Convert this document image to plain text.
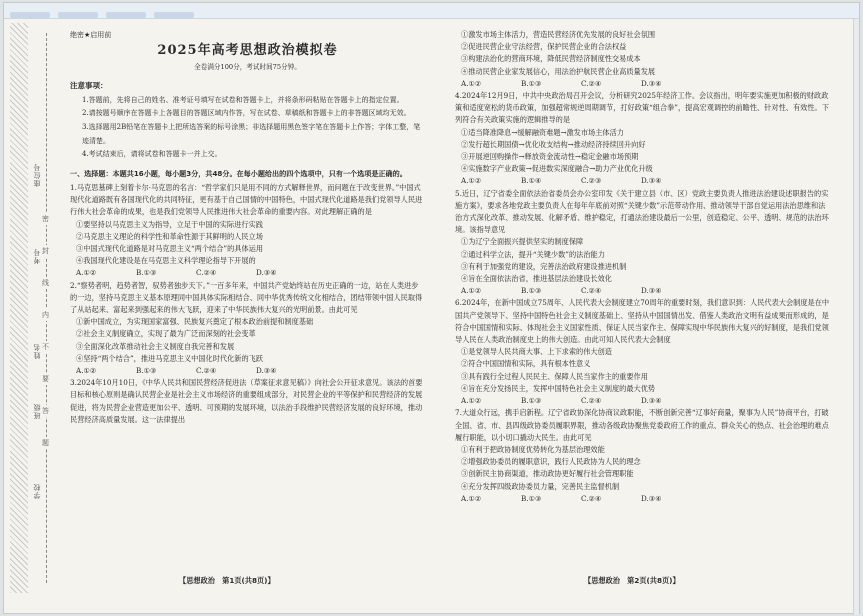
座位号
考号
姓名
班级
学校
密
封
线
内
不
要
答
题
绝密★启用前
2025年高考思想政治模拟卷
全卷满分100分，考试时间75分钟。
注意事项：
1.答题前，先将自己的姓名、准考证号填写在试卷和答题卡上，并将条形码粘贴在答题卡上的指定位置。
2.请按题号顺序在答题卡上各题目的答题区域内作答，写在试卷、草稿纸和答题卡上的非答题区域均无效。
3.选择题用2B铅笔在答题卡上把所选答案的标号涂黑；非选择题用黑色签字笔在答题卡上作答；字体工整，笔迹清楚。
4.考试结束后，请将试卷和答题卡一并上交。
一、选择题：本题共16小题，每小题3分，共48分。在每小题给出的四个选项中，只有一个选项是正确的。
1.马克思墓碑上刻着卡尔·马克思的名言：“哲学家们只是用不同的方式解释世界，而问题在于改变世界。”中国式现代化道路既有各国现代化的共同特征，更有基于自己国情的中国特色，中国式现代化道路是我们党领导人民进行伟大社会革命的成果，也是我们党领导人民推进伟大社会革命的重要内容。对此理解正确的是
①要坚持以马克思主义为指导，立足于中国的实际进行实践
②马克思主义理论的科学性和革命性源于其鲜明的人民立场
③中国式现代化道路是对马克思主义“两个结合”的具体运用
④我国现代化建设是在马克思主义科学理论指导下开展的
A.①②	B.①③	C.②④	D.③④
2.“察势者明，趋势者智，驭势者独步天下。”一百多年来，中国共产党始终站在历史正确的一边，站在人类进步的一边，坚持马克思主义基本原理同中国具体实际相结合、同中华优秀传统文化相结合，团结带领中国人民取得了从站起来、富起来到强起来的伟大飞跃，迎来了中华民族伟大复兴的光明前景。由此可见
①新中国成立，为实现国家富强、民族复兴奠定了根本政治前提和制度基础
②社会主义制度确立，实现了最为广泛而深刻的社会变革
③全面深化改革推动社会主义制度自我完善和发展
④坚持“两个结合”，推进马克思主义中国化时代化新的飞跃
A.①②	B.①③	C.②④	D.③④
3.2024年10月10日，《中华人民共和国民营经济促进法（草案征求意见稿）》向社会公开征求意见。该法的首要目标和核心原则是确认民营企业是社会主义市场经济的重要组成部分，对民营企业的平等保护和民营经济的发展促进，将为民营企业营造更加公平、透明、可预期的发展环境，以法治手段维护民营经济发展的良好环境，推动民营经济高质量发展。这一法律提出
【思想政治　第1页(共8页)】
①激发市场主体活力，营造民营经济优先发展的良好社会氛围
②促进民营企业守法经营，保护民营企业的合法权益
③构建法治化的营商环境，降低民营经济制度性交易成本
④推动民营企业家发展信心，用法治护航民营企业高质量发展
A.①②	B.①③	C.②④	D.③④
4.2024年12月9日，中共中央政治局召开会议，分析研究2025年经济工作。会议指出，明年要实施更加积极的财政政策和适度宽松的货币政策，加强超常规逆周期调节，打好政策“组合拳”，提高宏观调控的前瞻性、针对性、有效性。下列符合有关政策实施的逻辑推导的是
①适当降准降息→缓解融资难题→激发市场主体活力
②发行超长期国债→优化收支结构→推动经济持续回升向好
③开展逆回购操作→释放资金流动性→稳定金融市场预期
④实施数字产业政策→促进数实深度融合→助力产业优化升级
A.①②	B.①④	C.②③	D.③④
5.近日，辽宁省委全面依法治省委员会办公室印发《关于建立县（市、区）党政主要负责人推进法治建设述职报告的实施方案》，要求各地党政主要负责人在每年年底前对照“关键少数”示范带动作用、推动领导干部自觉运用法治思维和法治方式深化改革、推动发展、化解矛盾、维护稳定，打通法治建设最后一公里，创造稳定、公平、透明、规范的法治环境。该指导意见
①为辽宁全面振兴提供坚实的制度保障
②通过科学立法，提升“关键少数”的法治能力
③有利于加强党的建设，完善法治政府建设推进机制
④旨在全面依法治省，推进基层法治建设长效化
A.①②	B.①③	C.②④	D.③④
6.2024年，在新中国成立75周年、人民代表大会制度建立70周年的重要时刻，我们意识到：人民代表大会制度是在中国共产党领导下、坚持中国特色社会主义制度基础上、坚持从中国国情出发、借鉴人类政治文明有益成果而形成的，是符合中国国情和实际、体现社会主义国家性质、保证人民当家作主、保障实现中华民族伟大复兴的好制度，是我们党领导人民在人类政治制度史上的伟大创造。由此可知人民代表大会制度
①是党领导人民共商大事、上下求索的伟大创造
②符合中国国情和实际，具有根本性意义
③具有践行全过程人民民主、保障人民当家作主的重要作用
④旨在充分发扬民主，发挥中国特色社会主义制度的最大优势
A.①②	B.①③	C.②④	D.③④
7.大道众行远，携手启新程。辽宁省政协深化协商议政职能，不断创新完善“辽事好商量，聚事为人民”协商平台，打破全国、省、市、县四级政协委员履职界限，推动各级政协聚焦党委政府工作的重点、群众关心的热点、社会治理的难点履行职能，以小切口撬动大民生。由此可见
①有利于把政协制度优势转化为基层治理效能
②增强政协委员的履职意识，践行人民政协为人民的理念
③创新民主协商渠道，推动政协更好履行社会管理职能
④充分发挥四级政协委员力量，完善民主监督机制
A.①②	B.①③	C.②④	D.③④
【思想政治　第2页(共8页)】
